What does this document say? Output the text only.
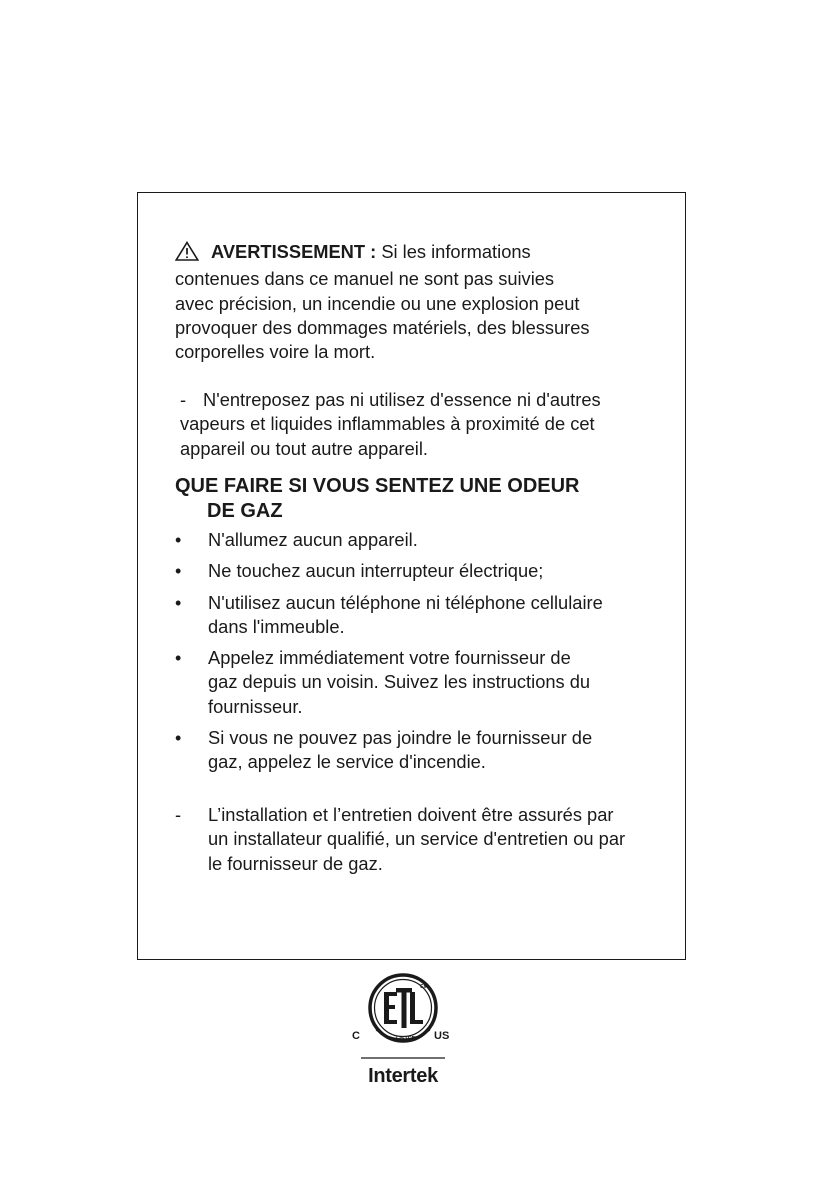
AVERTISSEMENT : Si les informations
contenues dans ce manuel ne sont pas suivies
avec précision, un incendie ou une explosion peut
provoquer des dommages matériels, des blessures
corporelles voire la mort.

- N'entreposez pas ni utilisez d'essence ni d'autres
vapeurs et liquides inflammables à proximité de cet
appareil ou tout autre appareil.

QUE FAIRE SI VOUS SENTEZ UNE ODEUR
DE GAZ
• N'allumez aucun appareil.
• Ne touchez aucun interrupteur électrique;
• N'utilisez aucun téléphone ni téléphone cellulaire
dans l'immeuble.
• Appelez immédiatement votre fournisseur de
gaz depuis un voisin. Suivez les instructions du
fournisseur.
• Si vous ne pouvez pas joindre le fournisseur de
gaz, appelez le service d'incendie.

-	L’installation et l’entretien doivent être assurés par
un installateur qualifié, un service d'entretien ou par
le fournisseur de gaz.

CM
LISTED
C	US
Intertek
